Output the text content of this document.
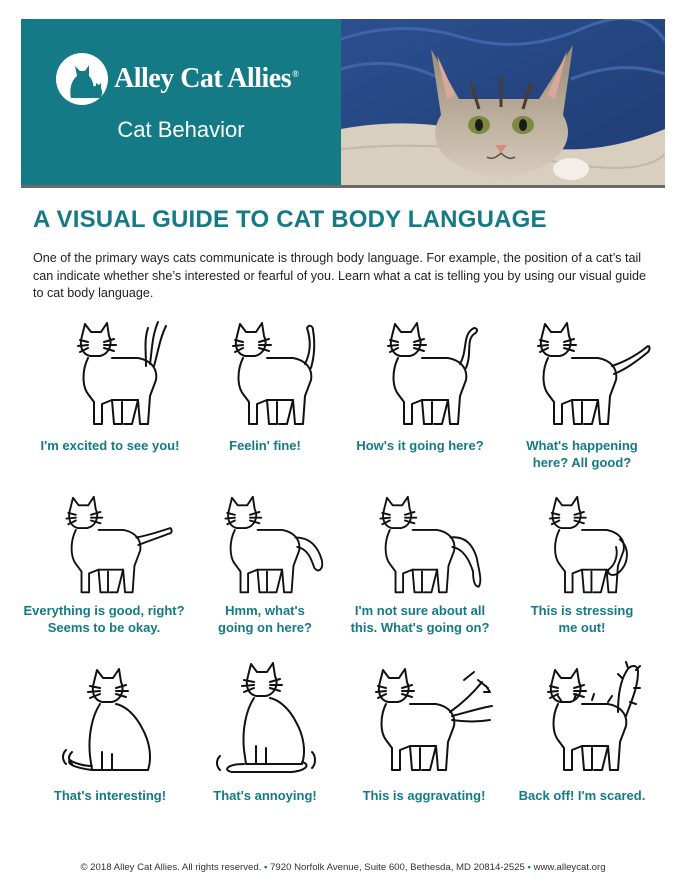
Alley Cat Allies®
Cat Behavior
A VISUAL GUIDE TO CAT BODY LANGUAGE

One of the primary ways cats communicate is through body language. For example, the position of a cat’s tail can indicate whether she’s interested or fearful of you. Learn what a cat is telling you by using our visual guide to cat body language.

I'm excited to see you!	Feelin' fine!	How's it going here?	What's happening
here? All good?

Everything is good, right?
Seems to be okay.

Hmm, what's
going on here?

I'm not sure about all
this. What's going on?

This is stressing
me out!

That's interesting!	That's annoying!	This is aggravating!	Back off! I'm scared.

© 2018 Alley Cat Allies. All rights reserved. • 7920 Norfolk Avenue, Suite 600, Bethesda, MD 20814-2525 • www.alleycat.org
